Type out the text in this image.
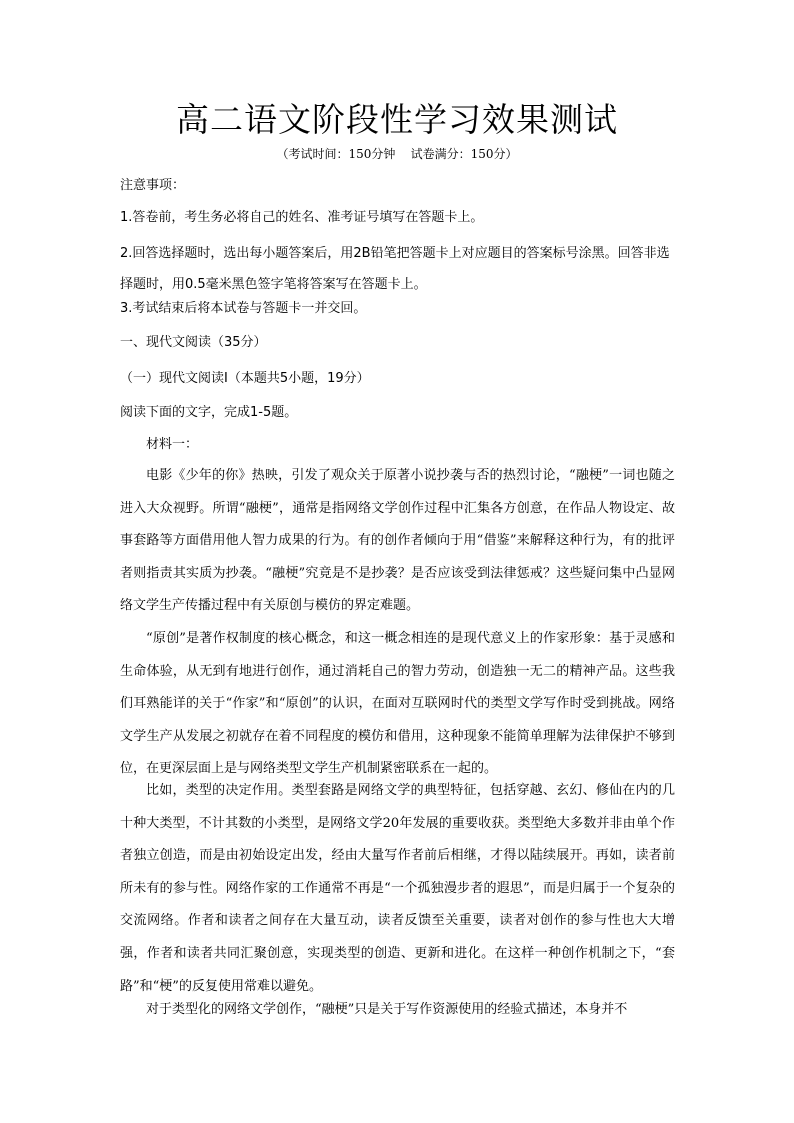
高二语文阶段性学习效果测试
（考试时间：150分钟    试卷满分：150分）
注意事项：
1.答卷前，考生务必将自己的姓名、准考证号填写在答题卡上。
2.回答选择题时，选出每小题答案后，用2B铅笔把答题卡上对应题目的答案标号涂黑。回答非选择题时，用0.5毫米黑色签字笔将答案写在答题卡上。
3.考试结束后将本试卷与答题卡一并交回。
一、现代文阅读（35分）
（一）现代文阅读Ⅰ（本题共5小题，19分）
阅读下面的文字，完成1-5题。
材料一：

电影《少年的你》热映，引发了观众关于原著小说抄袭与否的热烈讨论，“融梗”一词也随之进入大众视野。所谓“融梗”，通常是指网络文学创作过程中汇集各方创意，在作品人物设定、故事套路等方面借用他人智力成果的行为。有的创作者倾向于用“借鉴”来解释这种行为，有的批评者则指责其实质为抄袭。“融梗”究竟是不是抄袭？是否应该受到法律惩戒？这些疑问集中凸显网络文学生产传播过程中有关原创与模仿的界定难题。

“原创”是著作权制度的核心概念，和这一概念相连的是现代意义上的作家形象：基于灵感和生命体验，从无到有地进行创作，通过消耗自己的智力劳动，创造独一无二的精神产品。这些我们耳熟能详的关于“作家”和“原创”的认识，在面对互联网时代的类型文学写作时受到挑战。网络文学生产从发展之初就存在着不同程度的模仿和借用，这种现象不能简单理解为法律保护不够到位，在更深层面上是与网络类型文学生产机制紧密联系在一起的。

比如，类型的决定作用。类型套路是网络文学的典型特征，包括穿越、玄幻、修仙在内的几十种大类型，不计其数的小类型，是网络文学20年发展的重要收获。类型绝大多数并非由单个作者独立创造，而是由初始设定出发，经由大量写作者前后相继，才得以陆续展开。再如，读者前所未有的参与性。网络作家的工作通常不再是“一个孤独漫步者的遐思”，而是归属于一个复杂的交流网络。作者和读者之间存在大量互动，读者反馈至关重要，读者对创作的参与性也大大增强，作者和读者共同汇聚创意，实现类型的创造、更新和进化。在这样一种创作机制之下，“套路”和“梗”的反复使用常难以避免。

对于类型化的网络文学创作，“融梗”只是关于写作资源使用的经验式描述，本身并不
